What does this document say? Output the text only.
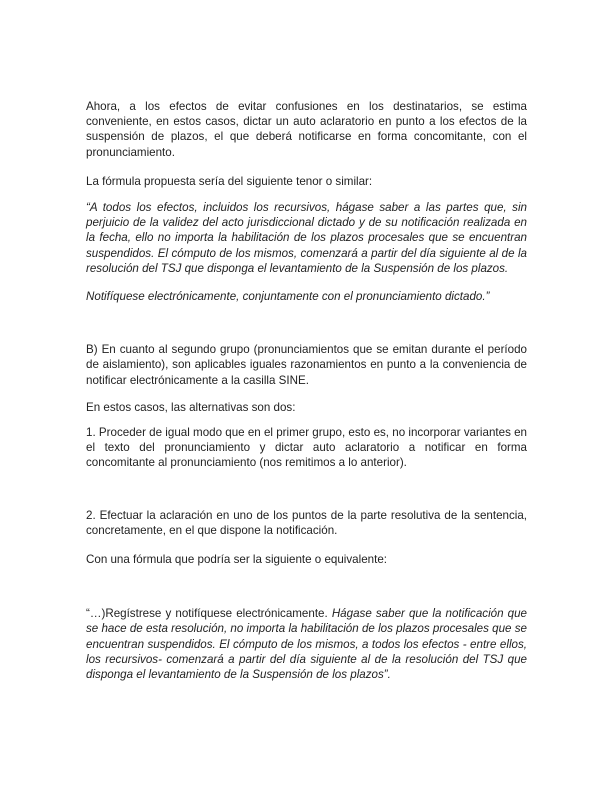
Ahora, a los efectos de evitar confusiones en los destinatarios, se estima conveniente, en estos casos, dictar un auto aclaratorio en punto a los efectos de la suspensión de plazos, el que deberá notificarse en forma concomitante, con el pronunciamiento.

La fórmula propuesta sería del siguiente tenor o similar:

“A todos los efectos, incluidos los recursivos, hágase saber a las partes que, sin perjuicio de la validez del acto jurisdiccional dictado y de su notificación realizada en la fecha, ello no importa la habilitación de los plazos procesales que se encuentran suspendidos. El cómputo de los mismos, comenzará a partir del día siguiente al de la resolución del TSJ que disponga el levantamiento de la Suspensión de los plazos.

Notifíquese electrónicamente, conjuntamente con el pronunciamiento dictado.”

B) En cuanto al segundo grupo (pronunciamientos que se emitan durante el período de aislamiento), son aplicables iguales razonamientos en punto a la conveniencia de notificar electrónicamente a la casilla SINE.

En estos casos, las alternativas son dos:

1. Proceder de igual modo que en el primer grupo, esto es, no incorporar variantes en el texto del pronunciamiento y dictar auto aclaratorio a notificar en forma concomitante al pronunciamiento (nos remitimos a lo anterior).

2. Efectuar la aclaración en uno de los puntos de la parte resolutiva de la sentencia, concretamente, en el que dispone la notificación.

Con una fórmula que podría ser la siguiente o equivalente:

“…)Regístrese y notifíquese electrónicamente. Hágase saber que la notificación que se hace de esta resolución, no importa la habilitación de los plazos procesales que se encuentran suspendidos. El cómputo de los mismos, a todos los efectos - entre ellos, los recursivos- comenzará a partir del día siguiente al de la resolución del TSJ que disponga el levantamiento de la Suspensión de los plazos”.
